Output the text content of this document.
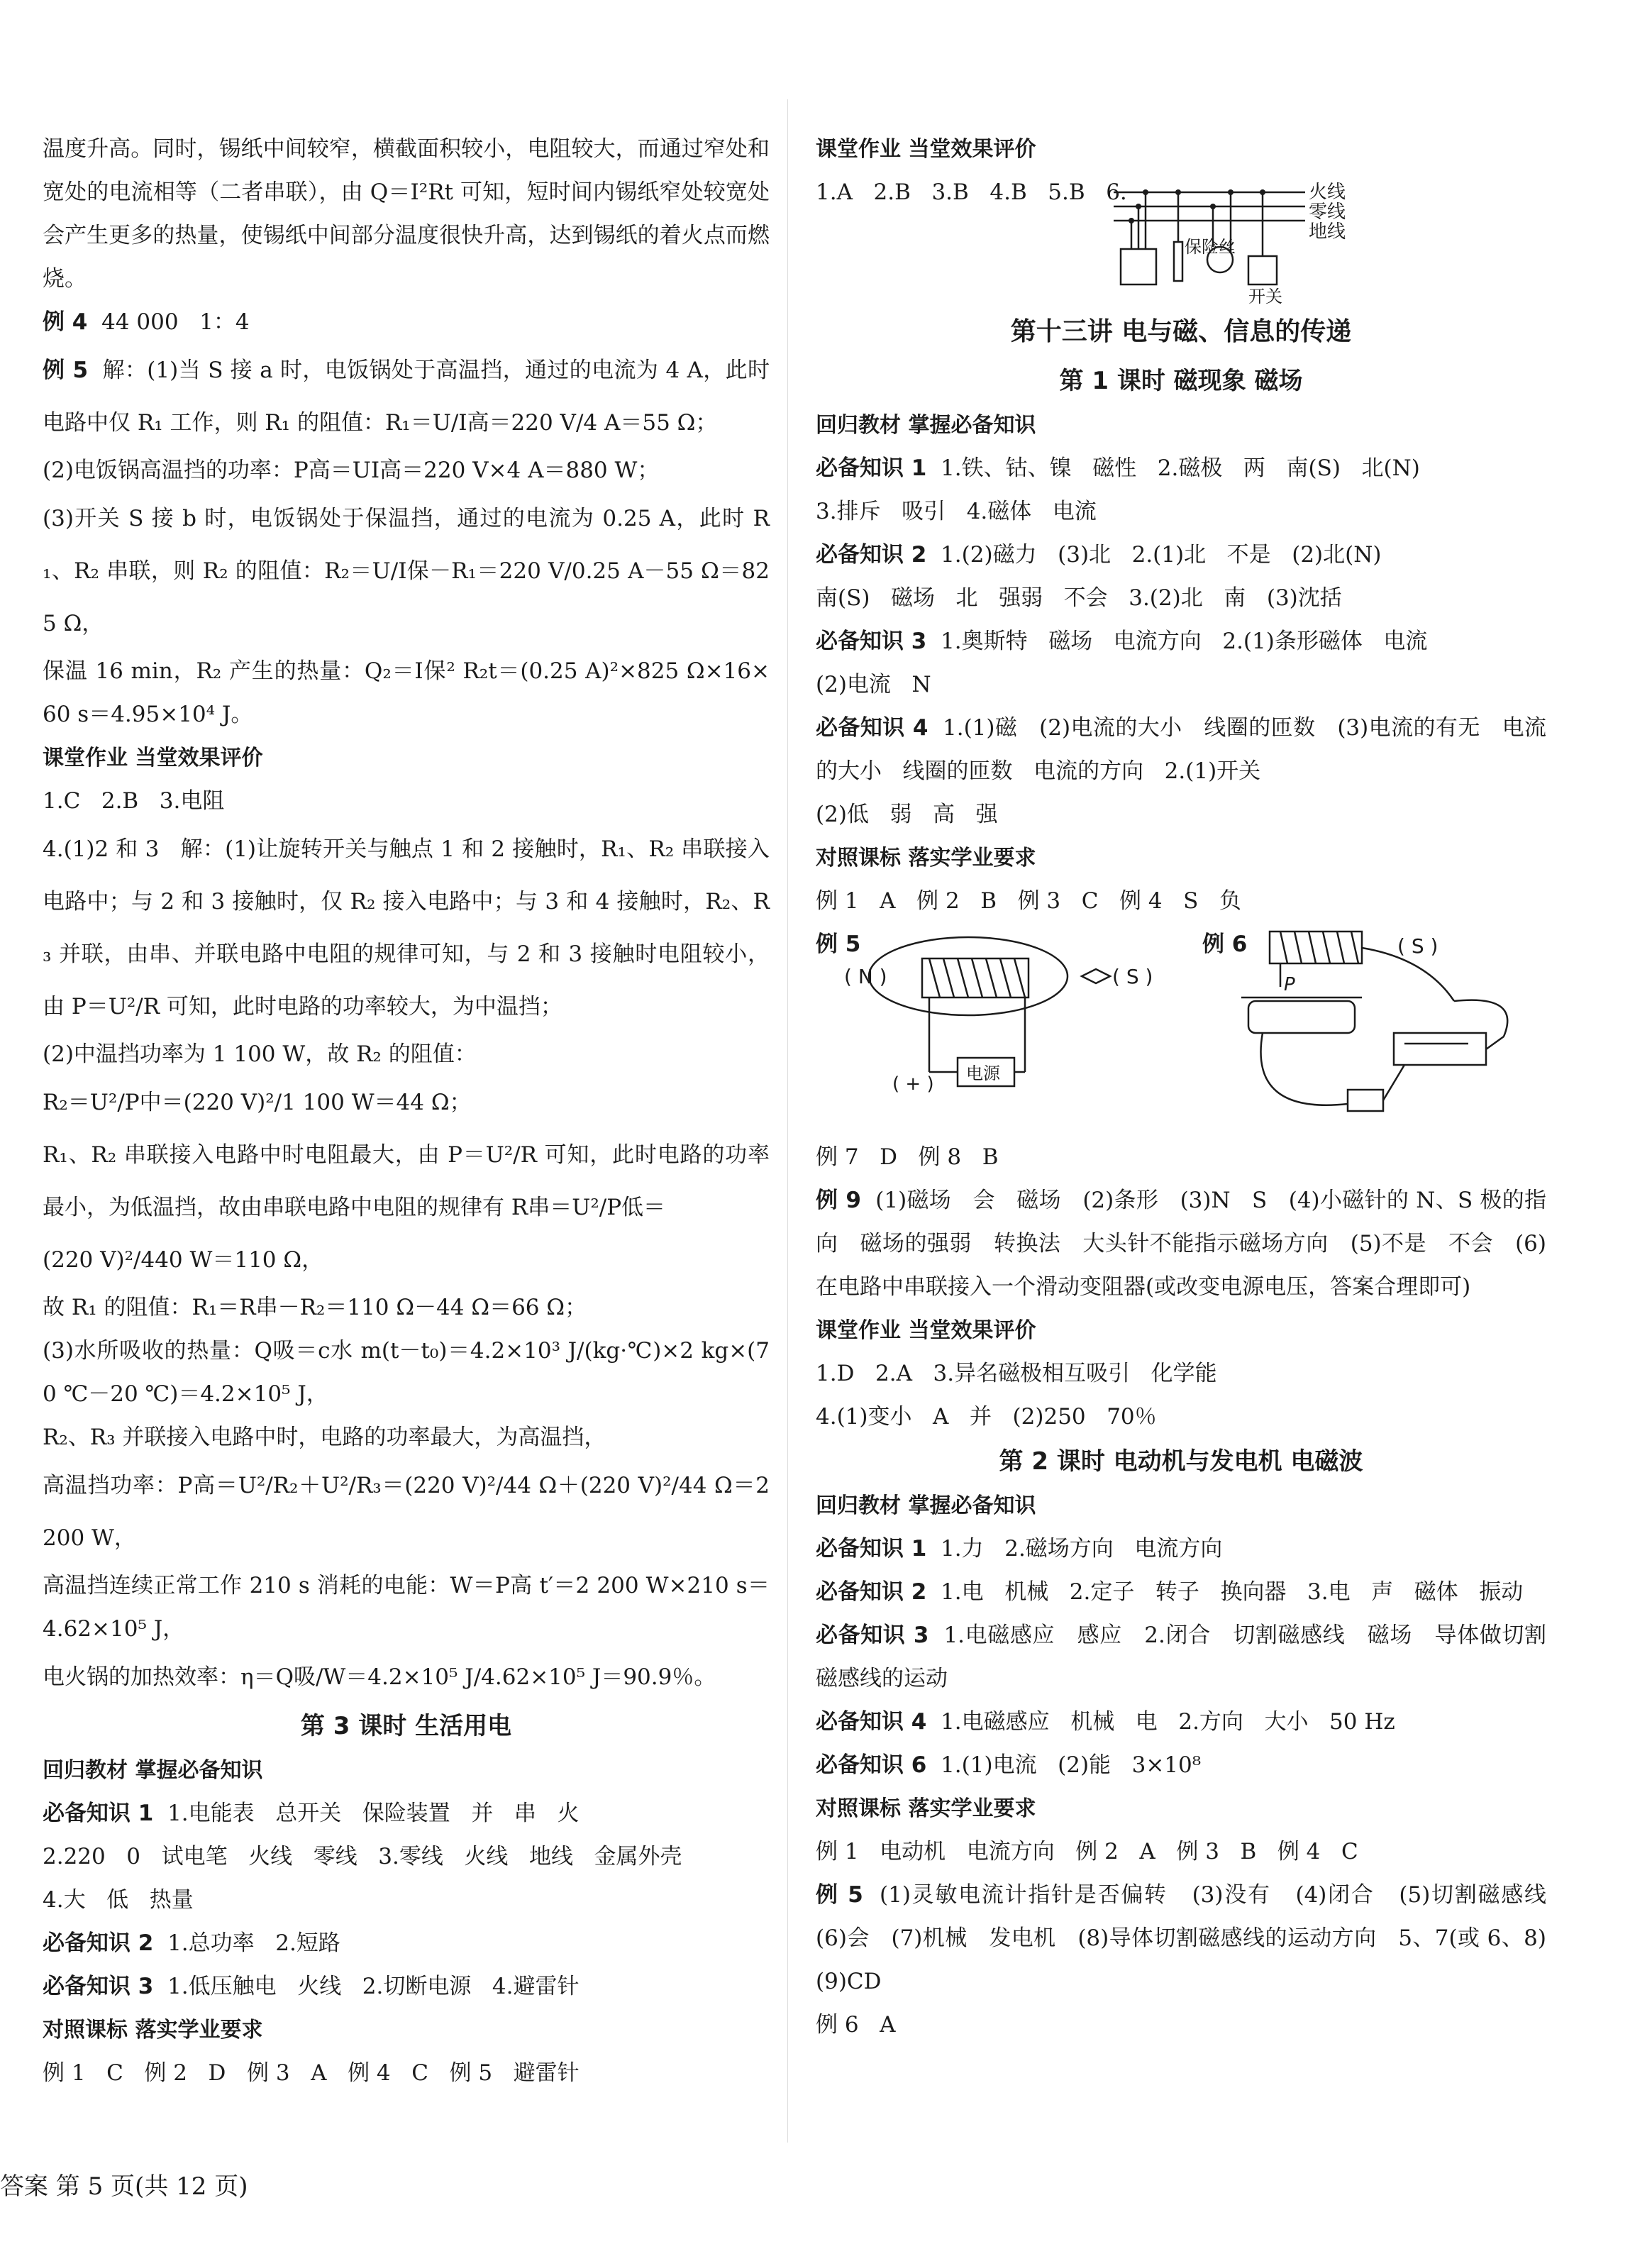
温度升高。同时，锡纸中间较窄，横截面积较小，电阻较大，而通过窄处和宽处的电流相等（二者串联），由 Q＝I²Rt 可知，短时间内锡纸窄处较宽处会产生更多的热量，使锡纸中间部分温度很快升高，达到锡纸的着火点而燃烧。

例 4  44 000   1：4

例 5  解：(1)当 S 接 a 时，电饭锅处于高温挡，通过的电流为 4 A，此时电路中仅 R₁ 工作，则 R₁ 的阻值：R₁＝U/I高＝220 V/4 A＝55 Ω；

(2)电饭锅高温挡的功率：P高＝UI高＝220 V×4 A＝880 W；

(3)开关 S 接 b 时，电饭锅处于保温挡，通过的电流为 0.25 A，此时 R₁、R₂ 串联，则 R₂ 的阻值：R₂＝U/I保－R₁＝220 V/0.25 A－55 Ω＝825 Ω，

保温 16 min，R₂ 产生的热量：Q₂＝I保² R₂t＝(0.25 A)²×825 Ω×16×60 s＝4.95×10⁴ J。

课堂作业 当堂效果评价

1.C   2.B   3.电阻

4.(1)2 和 3   解：(1)让旋转开关与触点 1 和 2 接触时，R₁、R₂ 串联接入电路中；与 2 和 3 接触时，仅 R₂ 接入电路中；与 3 和 4 接触时，R₂、R₃ 并联，由串、并联电路中电阻的规律可知，与 2 和 3 接触时电阻较小，由 P＝U²/R 可知，此时电路的功率较大，为中温挡；

(2)中温挡功率为 1 100 W，故 R₂ 的阻值：

R₂＝U²/P中＝(220 V)²/1 100 W＝44 Ω；

R₁、R₂ 串联接入电路中时电阻最大，由 P＝U²/R 可知，此时电路的功率最小，为低温挡，故由串联电路中电阻的规律有 R串＝U²/P低＝

(220 V)²/440 W＝110 Ω，

故 R₁ 的阻值：R₁＝R串－R₂＝110 Ω－44 Ω＝66 Ω；

(3)水所吸收的热量：Q吸＝c水 m(t－t₀)＝4.2×10³ J/(kg·℃)×2 kg×(70 ℃－20 ℃)＝4.2×10⁵ J，

R₂、R₃ 并联接入电路中时，电路的功率最大，为高温挡，

高温挡功率：P高＝U²/R₂＋U²/R₃＝(220 V)²/44 Ω＋(220 V)²/44 Ω＝2 200 W，

高温挡连续正常工作 210 s 消耗的电能：W＝P高 t′＝2 200 W×210 s＝4.62×10⁵ J，

电火锅的加热效率：η＝Q吸/W＝4.2×10⁵ J/4.62×10⁵ J＝90.9％。

第 3 课时 生活用电

回归教材 掌握必备知识

必备知识 1  1.电能表   总开关   保险装置   并   串   火

2.220   0   试电笔   火线   零线   3.零线   火线   地线   金属外壳

4.大   低   热量

必备知识 2  1.总功率   2.短路

必备知识 3  1.低压触电   火线   2.切断电源   4.避雷针

对照课标 落实学业要求

例 1   C   例 2   D   例 3   A   例 4   C   例 5   避雷针

课堂作业 当堂效果评价

1.A   2.B   3.B   4.B   5.B   6.	火线
零线
地线
保险丝
开关

第十三讲 电与磁、信息的传递

第 1 课时 磁现象 磁场

回归教材 掌握必备知识

必备知识 1  1.铁、钴、镍   磁性   2.磁极   两   南(S)   北(N)

3.排斥   吸引   4.磁体   电流

必备知识 2  1.(2)磁力   (3)北   2.(1)北   不是   (2)北(N)

南(S)   磁场   北   强弱   不会   3.(2)北   南   (3)沈括

必备知识 3  1.奥斯特   磁场   电流方向   2.(1)条形磁体   电流

(2)电流   N

必备知识 4  1.(1)磁   (2)电流的大小   线圈的匝数   (3)电流的有无   电流的大小   线圈的匝数   电流的方向   2.(1)开关

(2)低   弱   高   强

对照课标 落实学业要求

例 1   A   例 2   B   例 3   C   例 4   S   负

例 5

( N )	( S )
( + ) 电源

例 6	( S )
P

例 7   D   例 8   B

例 9  (1)磁场   会   磁场   (2)条形   (3)N   S   (4)小磁针的 N、S 极的指向   磁场的强弱   转换法   大头针不能指示磁场方向   (5)不是   不会   (6)在电路中串联接入一个滑动变阻器(或改变电源电压，答案合理即可)

课堂作业 当堂效果评价

1.D   2.A   3.异名磁极相互吸引   化学能

4.(1)变小   A   并   (2)250   70％

第 2 课时 电动机与发电机 电磁波

回归教材 掌握必备知识

必备知识 1  1.力   2.磁场方向   电流方向

必备知识 2  1.电   机械   2.定子   转子   换向器   3.电   声   磁体   振动

必备知识 3  1.电磁感应   感应   2.闭合   切割磁感线   磁场   导体做切割磁感线的运动

必备知识 4  1.电磁感应   机械   电   2.方向   大小   50 Hz

必备知识 6  1.(1)电流   (2)能   3×10⁸

对照课标 落实学业要求

例 1   电动机   电流方向   例 2   A   例 3   B   例 4   C

例 5  (1)灵敏电流计指针是否偏转   (3)没有   (4)闭合   (5)切割磁感线   (6)会   (7)机械   发电机   (8)导体切割磁感线的运动方向   5、7(或 6、8)   (9)CD

例 6   A

答案 第 5 页(共 12 页)
